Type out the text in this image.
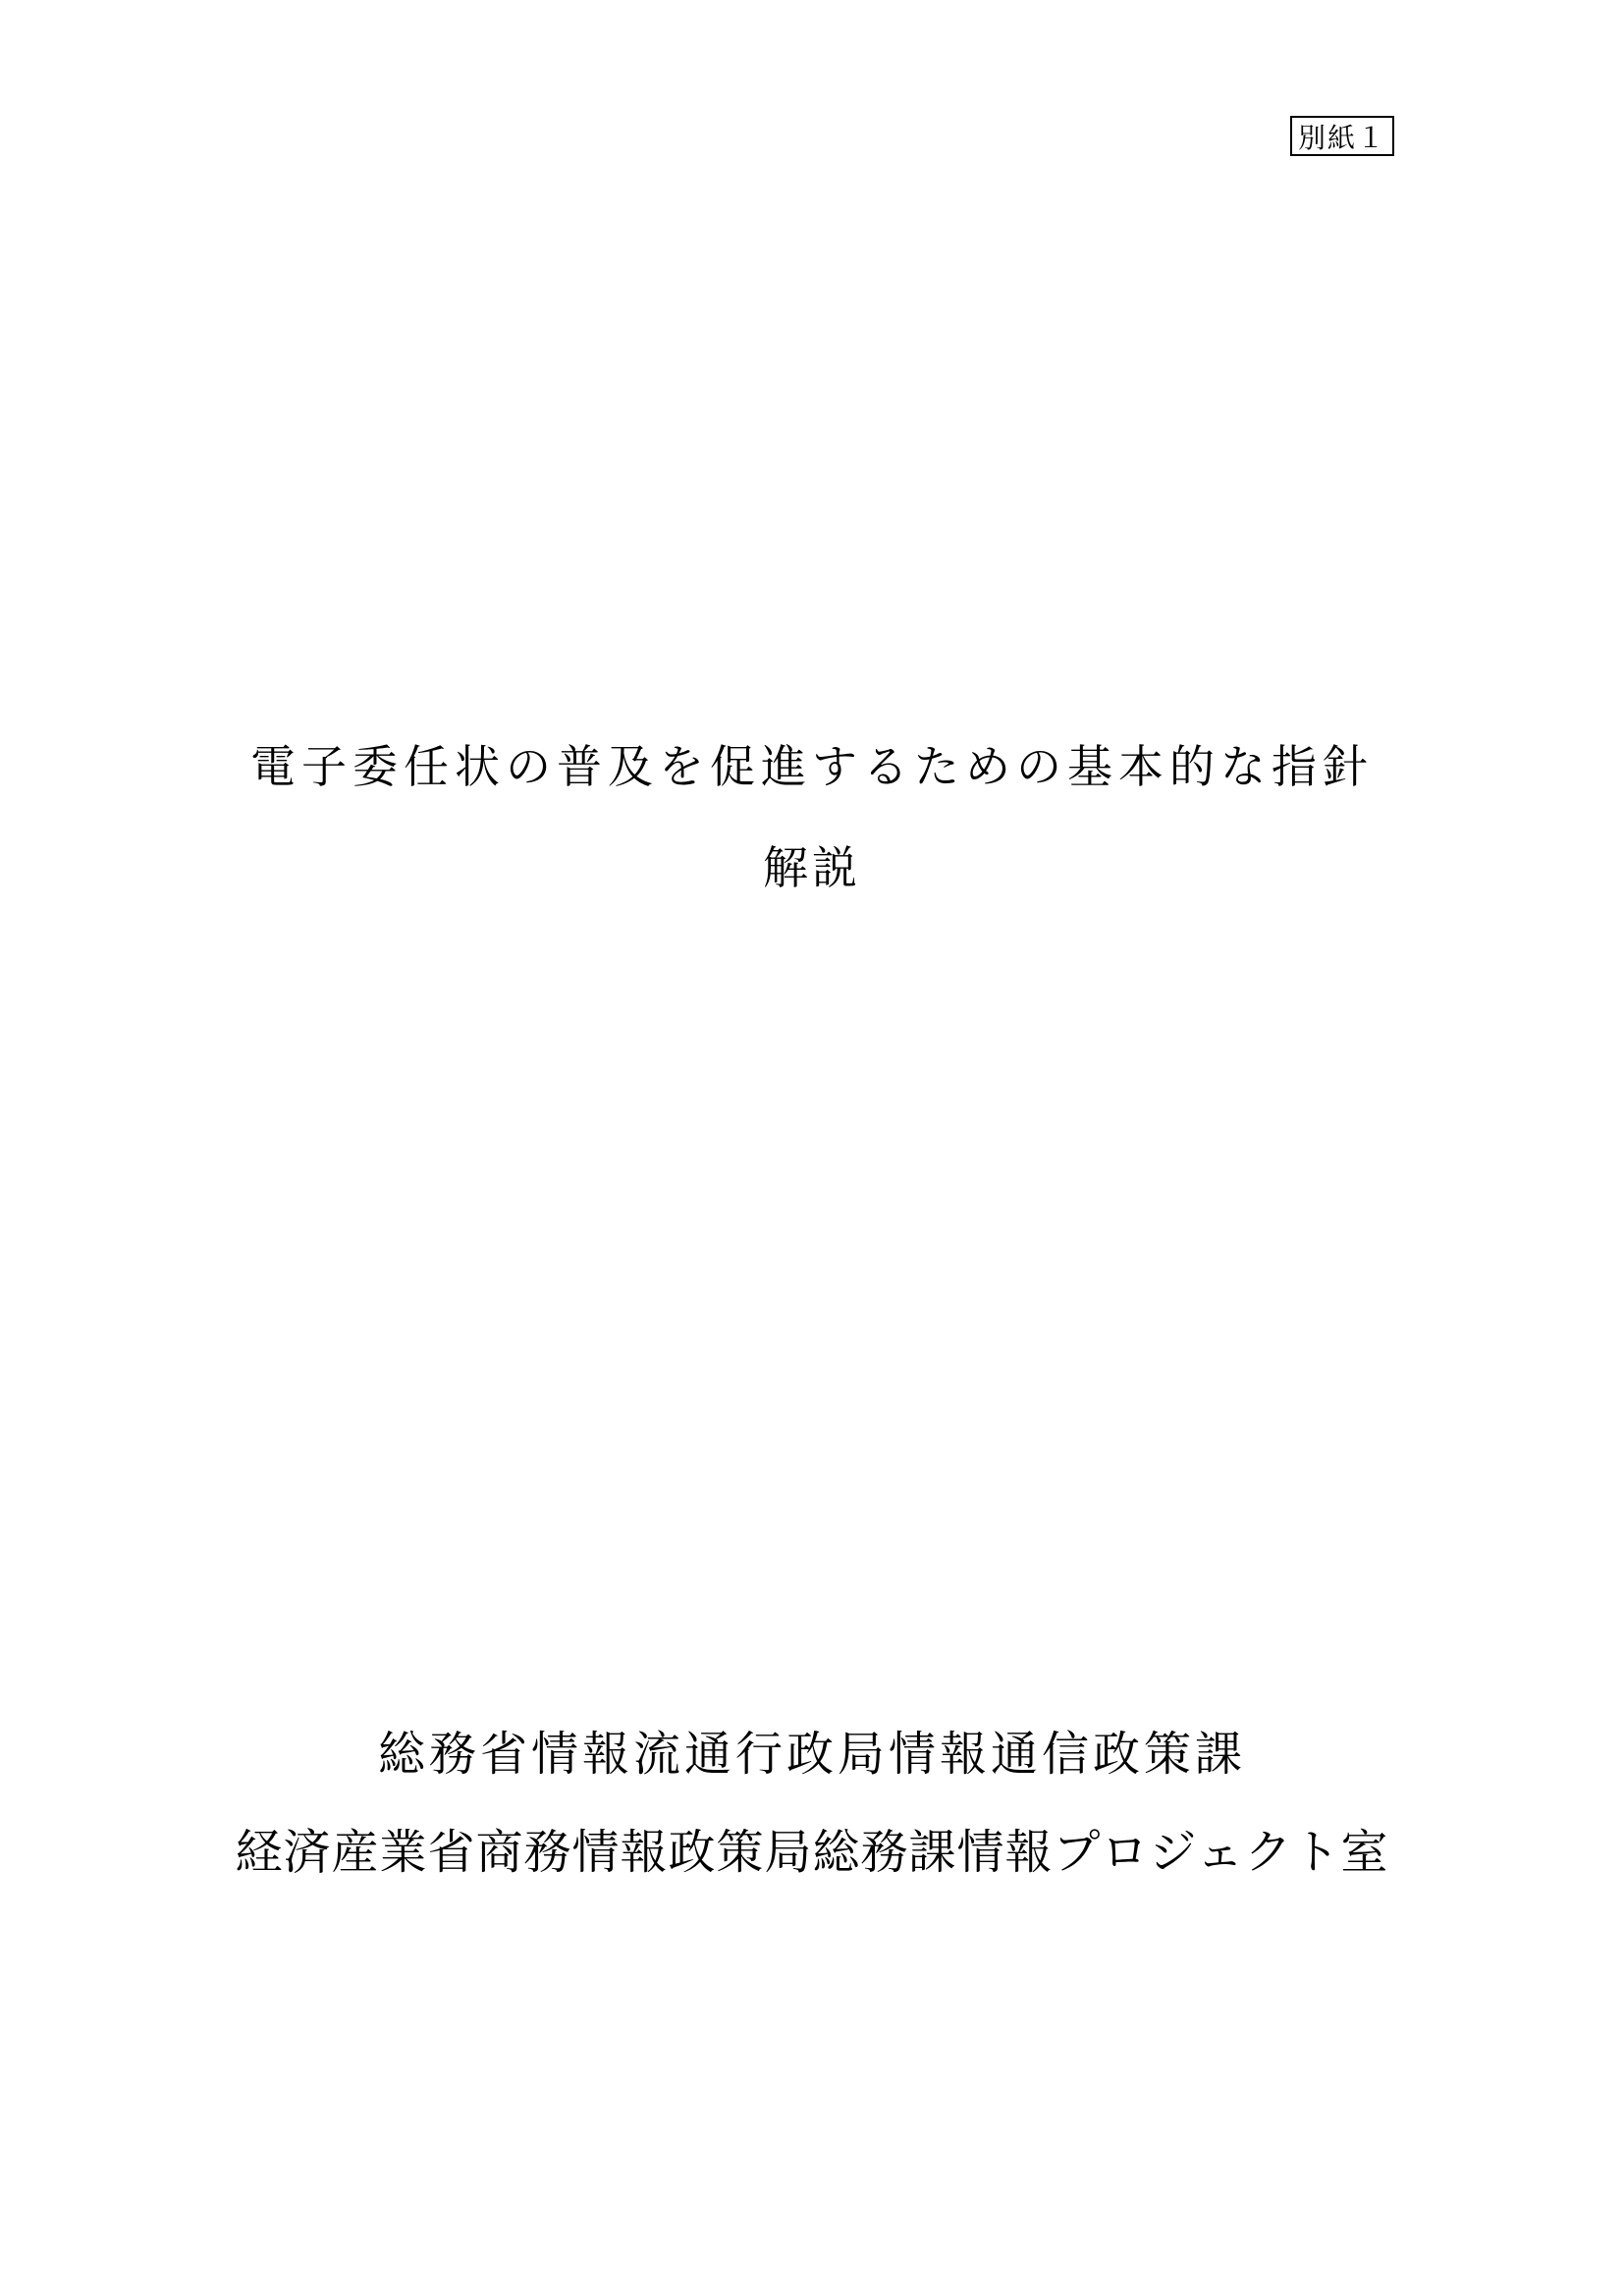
別紙１
電子委任状の普及を促進するための基本的な指針
解説
総務省情報流通行政局情報通信政策課
経済産業省商務情報政策局総務課情報プロジェクト室
